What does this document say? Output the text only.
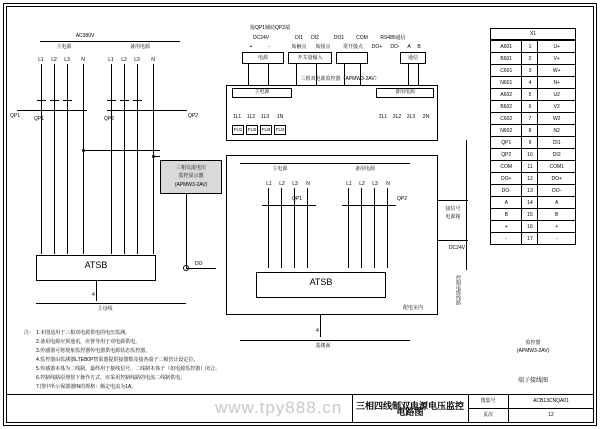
AC380V
主电源	备用电源
L1	L2	L3	N	L1	L2	L3	N
QP1	QP1	QP2
QP2
三相交流电压
监控显示器
(APMW3-2AV)
ATSB
4
主母线
DO
接QP1辅助QP2端
DC24V	DI1	DI2	DO1	COM
+	-	始触点	始接点	常开接点
RS485通信
DO+	DO-	A	B
电源	开关量输入	通信
三相双电源监控器（APMW3-2AV）
主电源	备用电源
1L1	1L2	1L3	1N	2L1	2L2	2L3	2N
FU1	FU2	FU3	FU4
配电室内
主电源	备用电源
L1	L2	L3	N	L1	L2	L3	N
QP1	QP2
ATSB
4
基楼面
接信号
电源箱
DC24V
控制电缆线路
X1
A601	1	U+
B601	2	V+
C601	3	W+
N601	4	N+
A602	5	U2
B602	6	V2
C602	7	W2
N602	8	N2
QP1	9	DI1
QP2	10	DI2
COM	11	COM1
DO+	12	DO+
DO-	13	DO-
A	14	A
B	15	B
+	16	+
-	17	-
监控器
(APMW3-2AV)
端子接线图
注： 1.本图适用于三相双电源供电的电压监测。
2.备用电源应预通讯，应督导用于双电源供电。
3.传感器可将现象监控器传电器供电源状态监控器。
4.监控器由监测器LTEB0P智果器提供接器数及接各端子二极管计设定位。
5.传感器本体为二线制，最终用于接线信号，二线制本体子（如电源监控器）闭合。
6.控制线路原理按下操作方式、应采用控制线路的电流二线制供电。
7.图中所示保器器IN的规格：额定电流为1A。
www.tpy888.cn	三相四线制双电源电压监控电路图
图集号	ACB13CNQA01
页次	12
